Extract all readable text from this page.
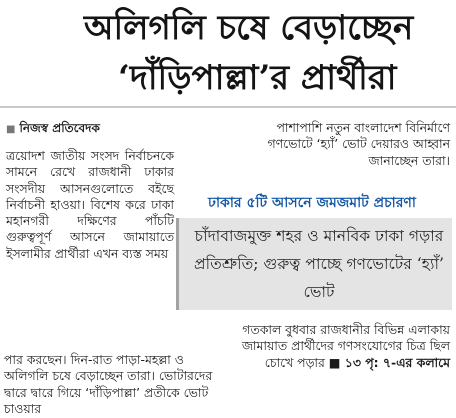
অলিগলি চষে বেড়াচ্ছেন
‘দাঁড়িপাল্লা’র প্রার্থীরা
■ নিজস্ব প্রতিবেদক	পাশাপাশি নতুন বাংলাদেশ বিনির্মাণে গণভোটে ‘হ্যাঁ’ ভোট দেয়ারও আহ্বান জানাচ্ছেন তারা।
ত্রয়োদশ জাতীয় সংসদ নির্বাচনকে সামনে রেখে রাজধানী ঢাকার সংসদীয় আসনগুলোতে বইছে নির্বাচনী হাওয়া। বিশেষ করে ঢাকা মহানগরী দক্ষিণের পাঁচটি গুরুত্বপূর্ণ আসনে জামায়াতে ইসলামীর প্রার্থীরা এখন ব্যস্ত সময়
ঢাকার ৫টি আসনে জমজমাট প্রচারণা
চাঁদাবাজমুক্ত শহর ও মানবিক ঢাকা গড়ার প্রতিশ্রুতি; গুরুত্ব পাচ্ছে গণভোটের ‘হ্যাঁ’ ভোট
পার করছেন। দিন-রাত পাড়া-মহল্লা ও অলিগলি চষে বেড়াচ্ছেন তারা। ভোটারদের দ্বারে দ্বারে গিয়ে ‘দাঁড়িপাল্লা’ প্রতীকে ভোট চাওয়ার
গতকাল বুধবার রাজধানীর বিভিন্ন এলাকায় জামায়াত প্রার্থীদের গণসংযোগের চিত্র ছিল চোখে পড়ার ■ ১৩ পৃ: ৭-এর কলামে
